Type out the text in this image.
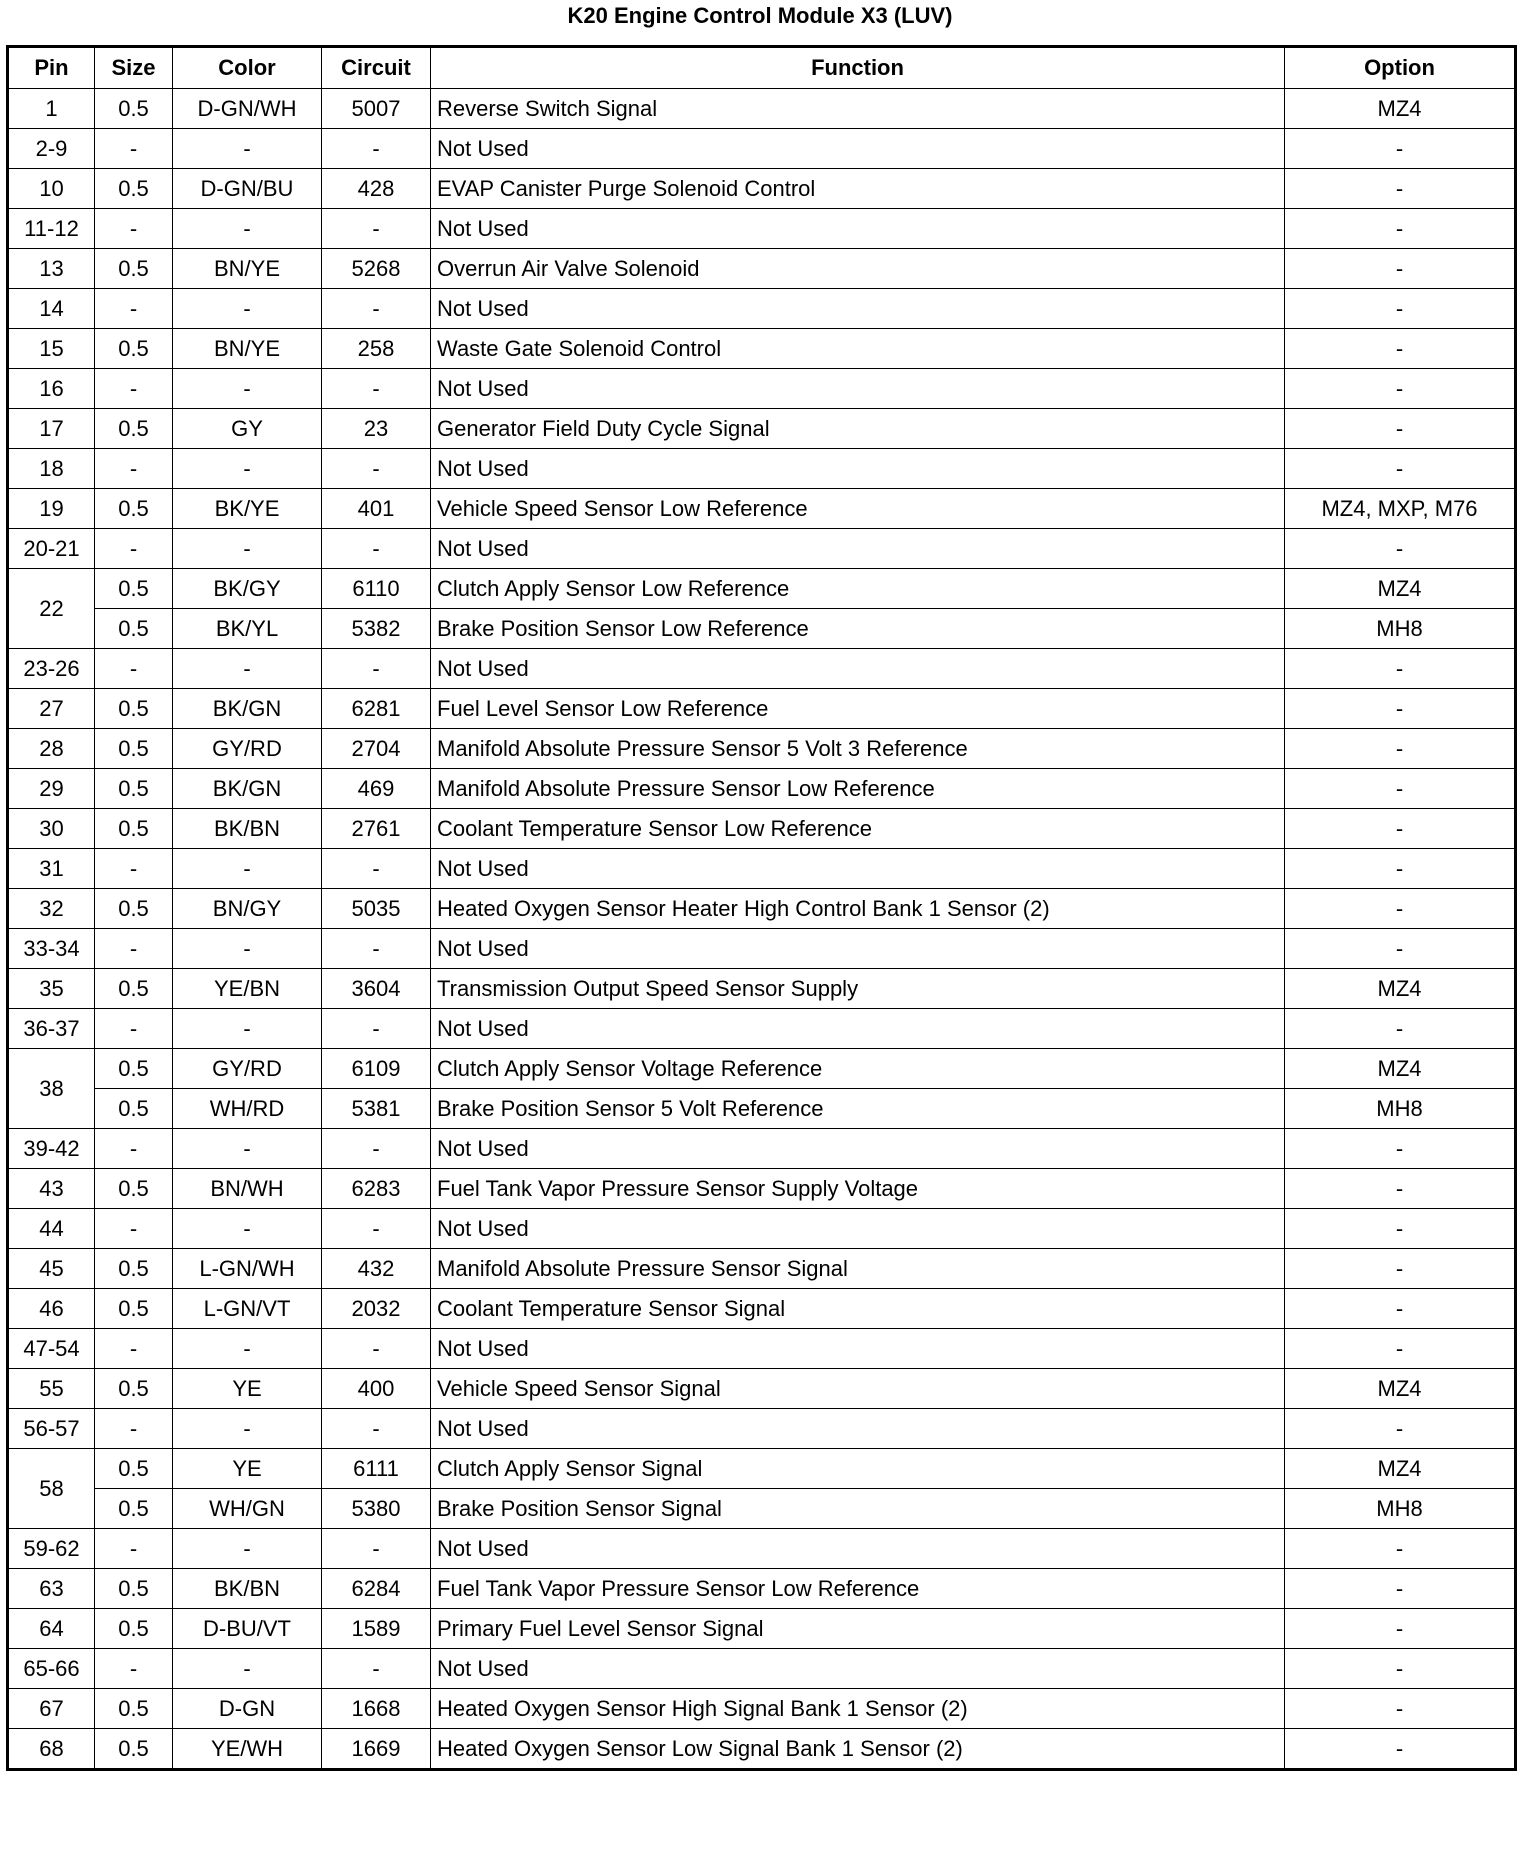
K20 Engine Control Module X3 (LUV)
Pin	Size	Color	Circuit	Function	Option
1	0.5	D-GN/WH	5007	Reverse Switch Signal	MZ4
2-9	-	-	-	Not Used	-
10	0.5	D-GN/BU	428	EVAP Canister Purge Solenoid Control	-
11-12	-	-	-	Not Used	-
13	0.5	BN/YE	5268	Overrun Air Valve Solenoid	-
14	-	-	-	Not Used	-
15	0.5	BN/YE	258	Waste Gate Solenoid Control	-
16	-	-	-	Not Used	-
17	0.5	GY	23	Generator Field Duty Cycle Signal	-
18	-	-	-	Not Used	-
19	0.5	BK/YE	401	Vehicle Speed Sensor Low Reference	MZ4, MXP, M76
20-21	-	-	-	Not Used	-
22	0.5	BK/GY	6110	Clutch Apply Sensor Low Reference	MZ4
	0.5	BK/YL	5382	Brake Position Sensor Low Reference	MH8
23-26	-	-	-	Not Used	-
27	0.5	BK/GN	6281	Fuel Level Sensor Low Reference	-
28	0.5	GY/RD	2704	Manifold Absolute Pressure Sensor 5 Volt 3 Reference	-
29	0.5	BK/GN	469	Manifold Absolute Pressure Sensor Low Reference	-
30	0.5	BK/BN	2761	Coolant Temperature Sensor Low Reference	-
31	-	-	-	Not Used	-
32	0.5	BN/GY	5035	Heated Oxygen Sensor Heater High Control Bank 1 Sensor (2)	-
33-34	-	-	-	Not Used	-
35	0.5	YE/BN	3604	Transmission Output Speed Sensor Supply	MZ4
36-37	-	-	-	Not Used	-
38	0.5	GY/RD	6109	Clutch Apply Sensor Voltage Reference	MZ4
	0.5	WH/RD	5381	Brake Position Sensor 5 Volt Reference	MH8
39-42	-	-	-	Not Used	-
43	0.5	BN/WH	6283	Fuel Tank Vapor Pressure Sensor Supply Voltage	-
44	-	-	-	Not Used	-
45	0.5	L-GN/WH	432	Manifold Absolute Pressure Sensor Signal	-
46	0.5	L-GN/VT	2032	Coolant Temperature Sensor Signal	-
47-54	-	-	-	Not Used	-
55	0.5	YE	400	Vehicle Speed Sensor Signal	MZ4
56-57	-	-	-	Not Used	-
58	0.5	YE	6111	Clutch Apply Sensor Signal	MZ4
	0.5	WH/GN	5380	Brake Position Sensor Signal	MH8
59-62	-	-	-	Not Used	-
63	0.5	BK/BN	6284	Fuel Tank Vapor Pressure Sensor Low Reference	-
64	0.5	D-BU/VT	1589	Primary Fuel Level Sensor Signal	-
65-66	-	-	-	Not Used	-
67	0.5	D-GN	1668	Heated Oxygen Sensor High Signal Bank 1 Sensor (2)	-
68	0.5	YE/WH	1669	Heated Oxygen Sensor Low Signal Bank 1 Sensor (2)	-
